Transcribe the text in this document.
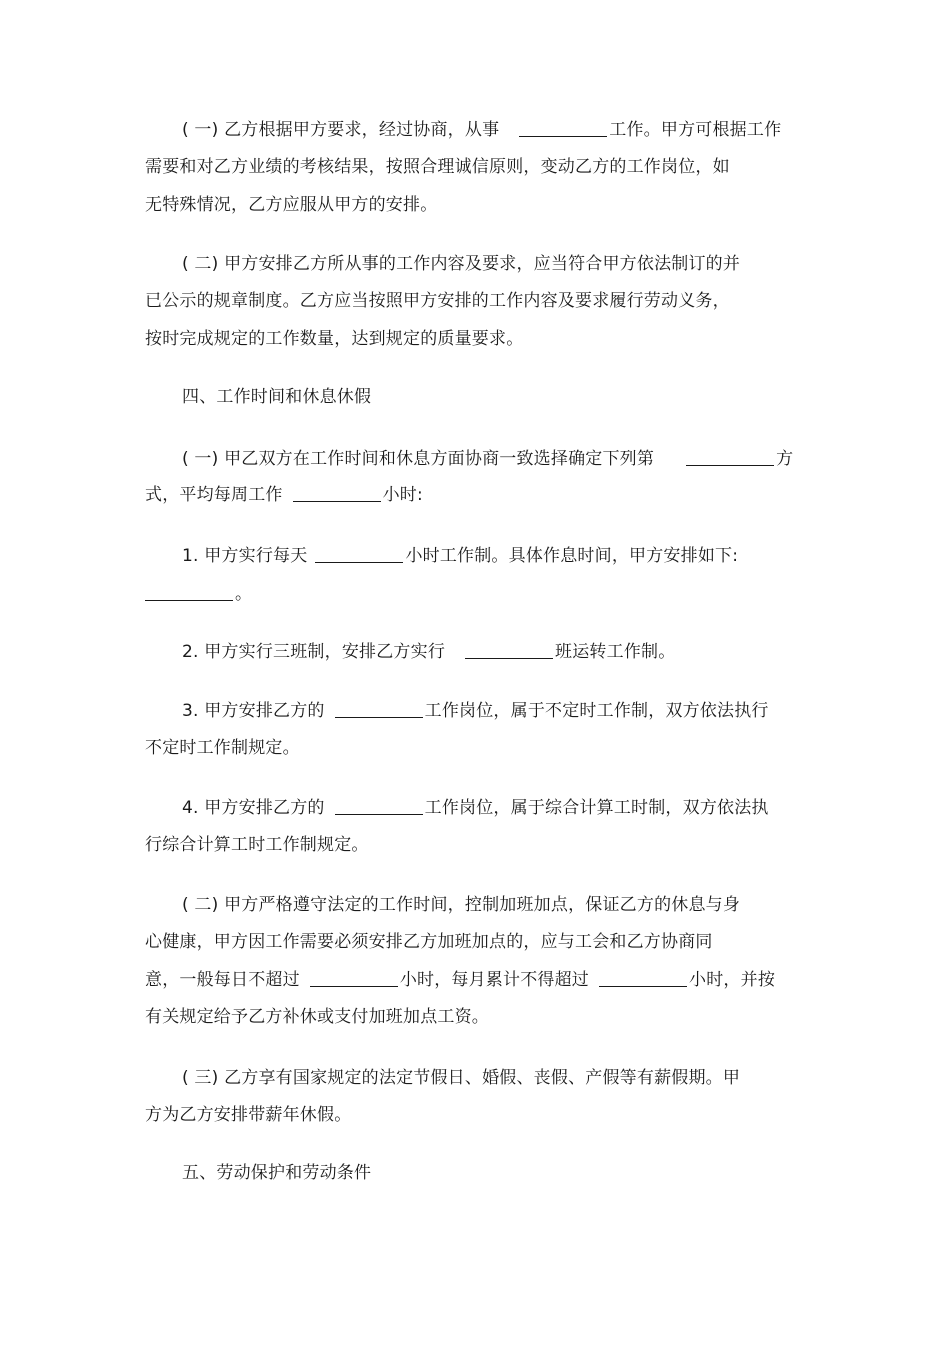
( 一) 乙方根据甲方要求，经过协商，从事	工作。甲方可根据工作
需要和对乙方业绩的考核结果，按照合理诚信原则，变动乙方的工作岗位，如
无特殊情况，乙方应服从甲方的安排。
( 二) 甲方安排乙方所从事的工作内容及要求，应当符合甲方依法制订的并
已公示的规章制度。乙方应当按照甲方安排的工作内容及要求履行劳动义务，
按时完成规定的工作数量，达到规定的质量要求。
四、工作时间和休息休假
( 一) 甲乙双方在工作时间和休息方面协商一致选择确定下列第	方
式，平均每周工作	小时:
1. 甲方实行每天	小时工作制。具体作息时间，甲方安排如下:
。
2. 甲方实行三班制，安排乙方实行	班运转工作制。
3. 甲方安排乙方的	工作岗位，属于不定时工作制，双方依法执行
不定时工作制规定。
4. 甲方安排乙方的	工作岗位，属于综合计算工时制，双方依法执
行综合计算工时工作制规定。
( 二) 甲方严格遵守法定的工作时间，控制加班加点，保证乙方的休息与身
心健康，甲方因工作需要必须安排乙方加班加点的，应与工会和乙方协商同
意，一般每日不超过	小时，每月累计不得超过	小时，并按
有关规定给予乙方补休或支付加班加点工资。
( 三) 乙方享有国家规定的法定节假日、婚假、丧假、产假等有薪假期。甲
方为乙方安排带薪年休假。
五、劳动保护和劳动条件
